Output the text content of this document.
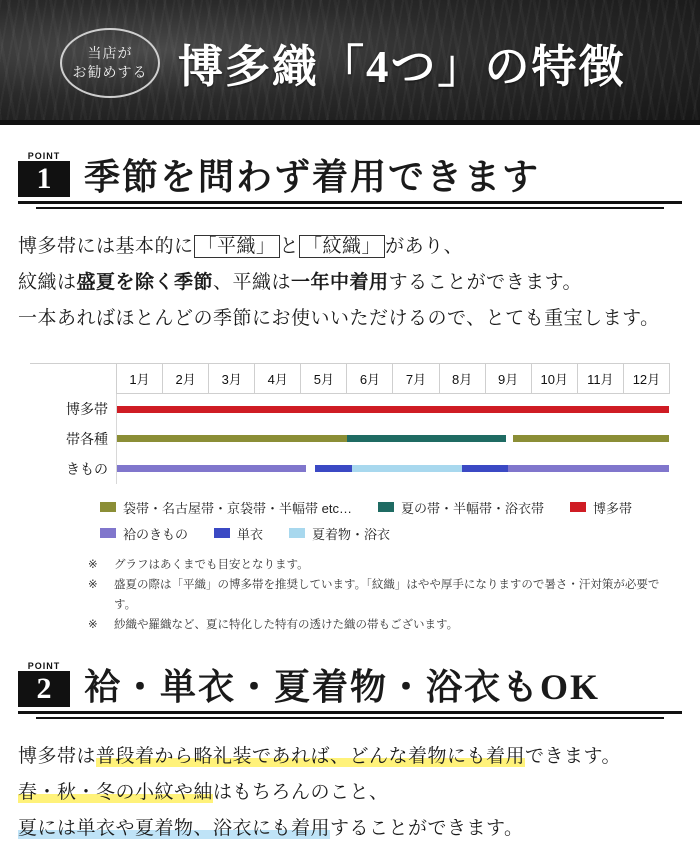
当店が
お勧めする 博多織「4つ」の特徴
POINT
1 季節を問わず着用できます
博多帯には基本的に 「平織」 と 「紋織」 があり、
紋織は盛夏を除く季節、平織は一年中着用することができます。
一本あればほとんどの季節にお使いいただけるので、とても重宝します。
	1月	2月	3月	4月	5月	6月	7月	8月	9月	10月	11月	12月
博多帯												

帯各種												

きもの												
袋帯・名古屋帯・京袋帯・半幅帯 etc…	夏の帯・半幅帯・浴衣帯	博多帯
袷のきもの	単衣	夏着物・浴衣
※	グラフはあくまでも目安となります。
※	盛夏の際は「平織」の博多帯を推奨しています。「紋織」はやや厚手になりますので暑さ・汗対策が必要です。
※	紗織や羅織など、夏に特化した特有の透けた織の帯もございます。
POINT
2 袷・単衣・夏着物・浴衣もOK
博多帯は普段着から略礼装であれば、どんな着物にも着用できます。
春・秋・冬の小紋や紬はもちろんのこと、
夏には単衣や夏着物、浴衣にも着用することができます。
